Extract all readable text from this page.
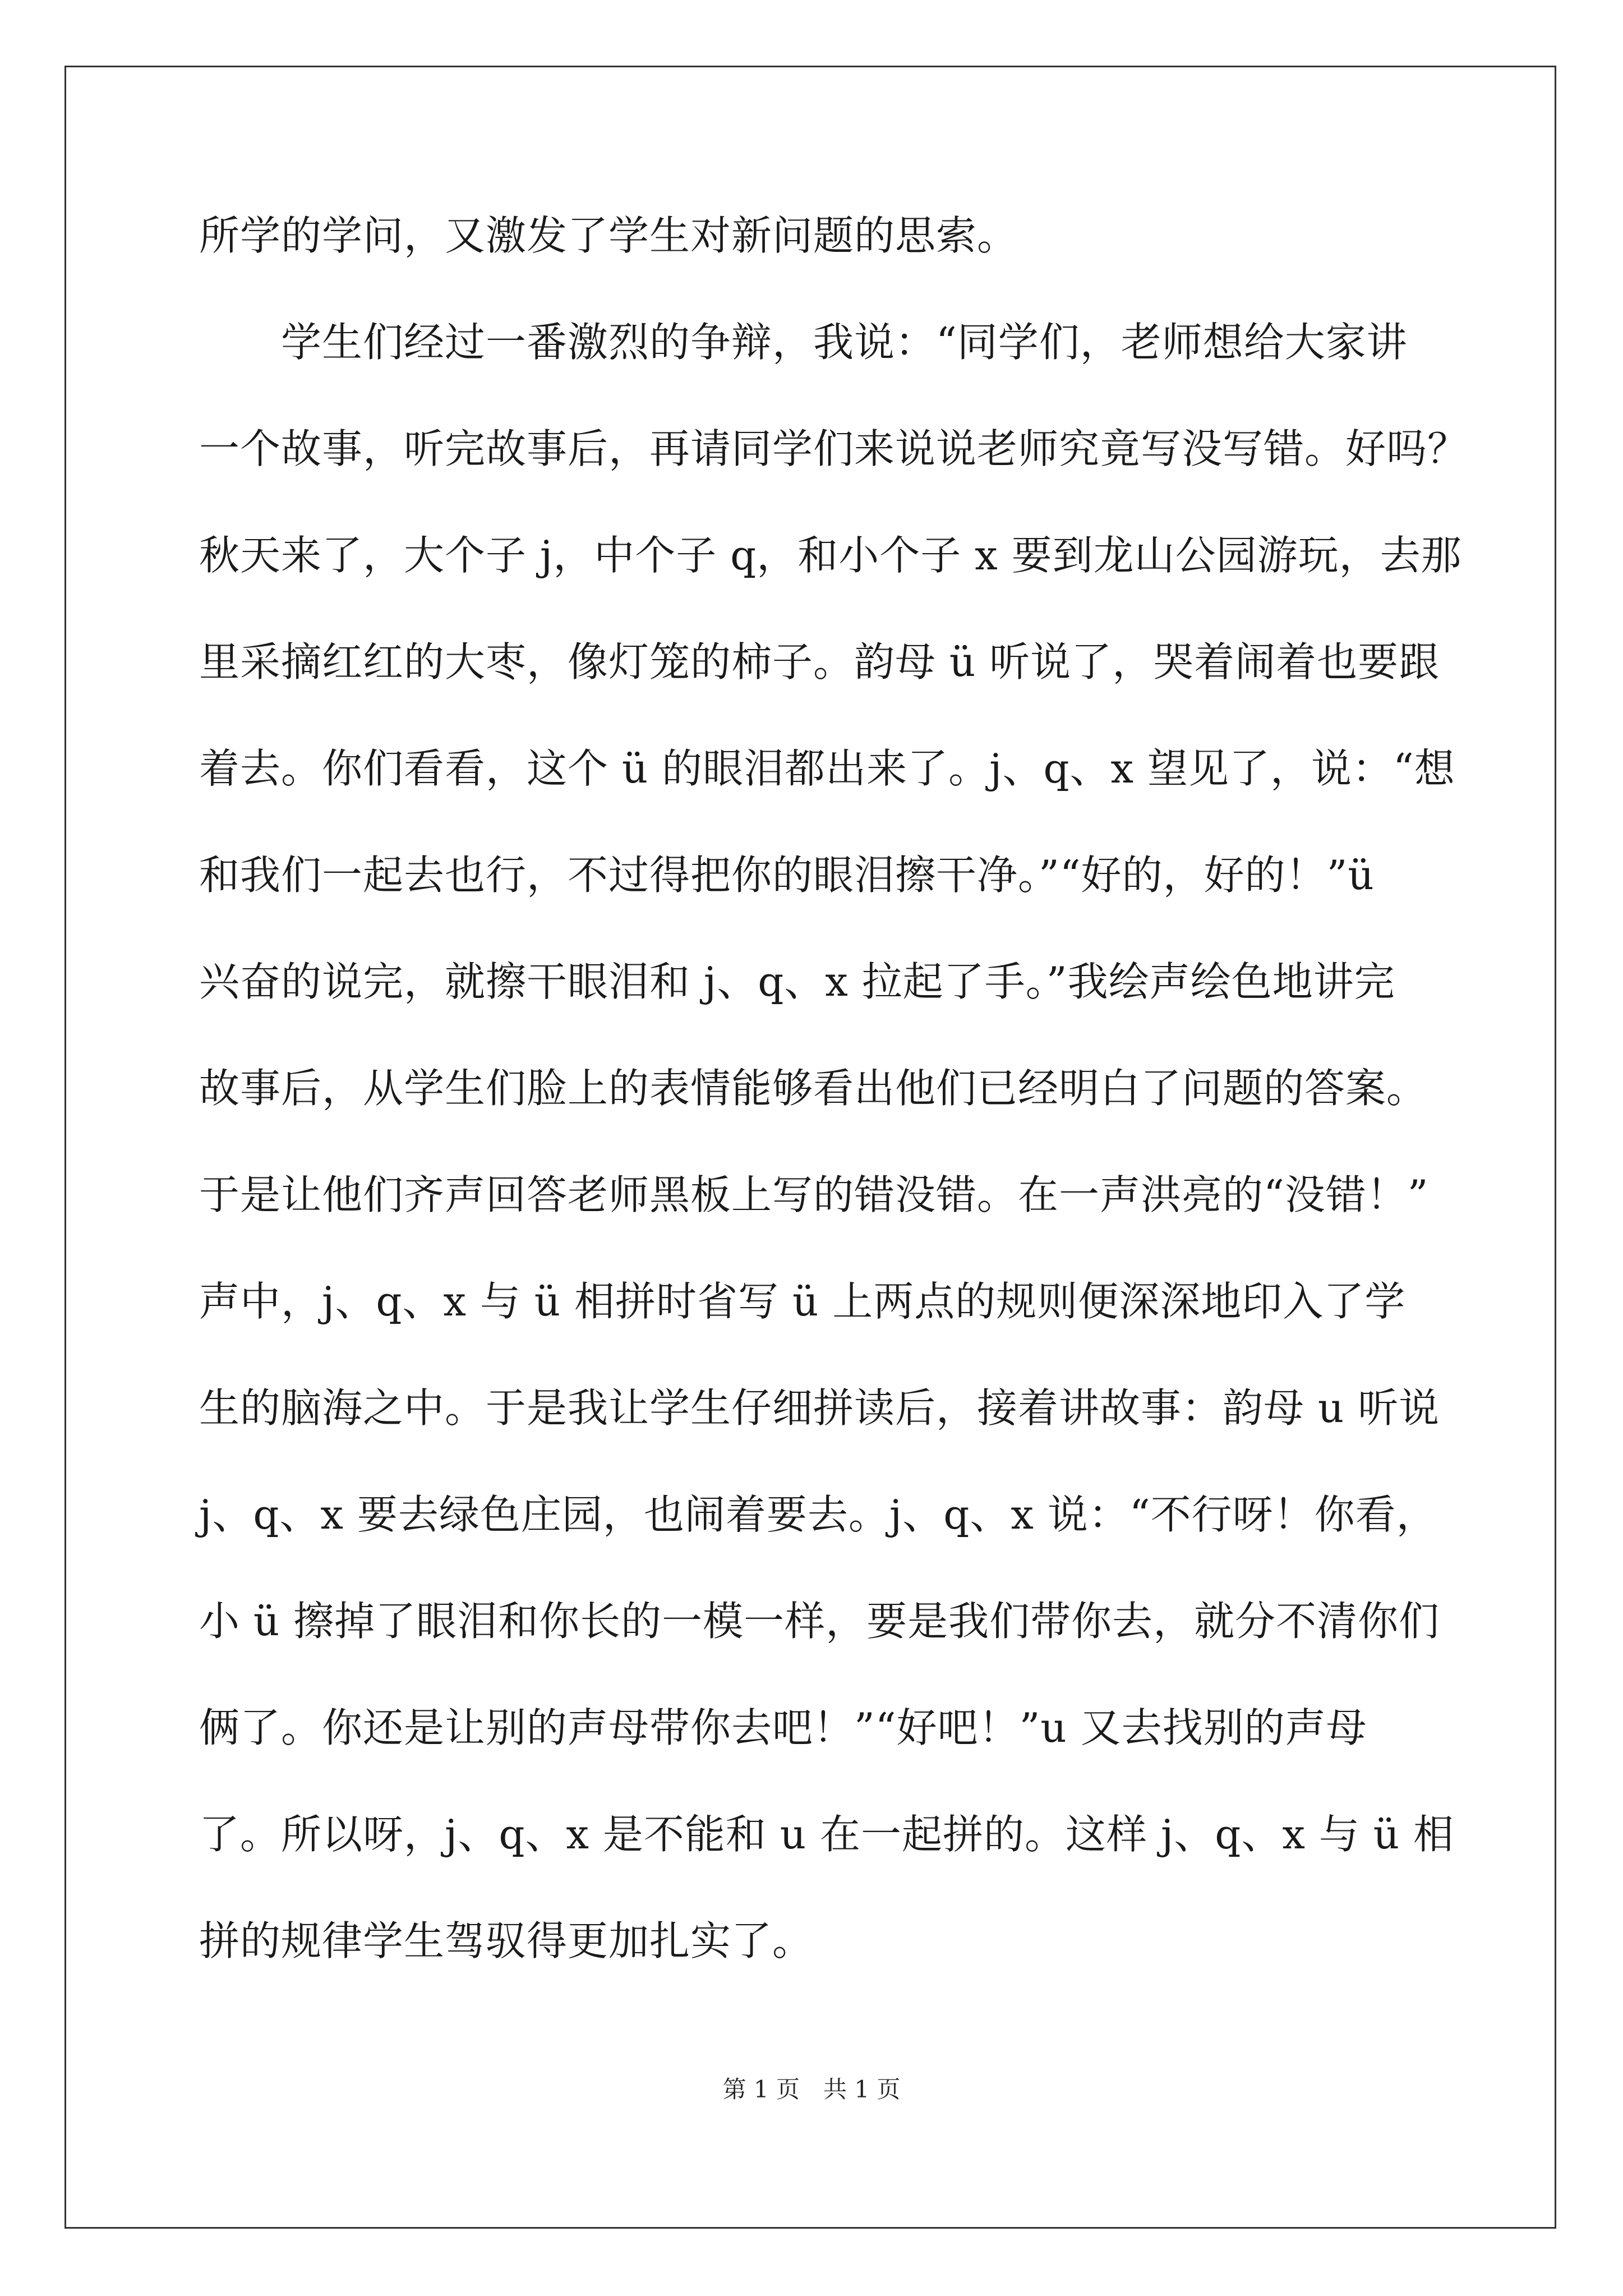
所学的学问，又激发了学生对新问题的思索。
　　学生们经过一番激烈的争辩，我说：“同学们，老师想给大家讲
一个故事，听完故事后，再请同学们来说说老师究竟写没写错。好吗？
秋天来了，大个子 j，中个子 q，和小个子 x 要到龙山公园游玩，去那
里采摘红红的大枣，像灯笼的柿子。韵母 ü 听说了，哭着闹着也要跟
着去。你们看看，这个 ü 的眼泪都出来了。j、q、x 望见了，说：“想
和我们一起去也行，不过得把你的眼泪擦干净。”“好的，好的！”ü
兴奋的说完，就擦干眼泪和 j、q、x 拉起了手。”我绘声绘色地讲完
故事后，从学生们脸上的表情能够看出他们已经明白了问题的答案。
于是让他们齐声回答老师黑板上写的错没错。在一声洪亮的“没错！”
声中，j、q、x 与 ü 相拼时省写 ü 上两点的规则便深深地印入了学
生的脑海之中。于是我让学生仔细拼读后，接着讲故事：韵母 u 听说
j、q、x 要去绿色庄园，也闹着要去。j、q、x 说：“不行呀！你看，
小 ü 擦掉了眼泪和你长的一模一样，要是我们带你去，就分不清你们
俩了。你还是让别的声母带你去吧！”“好吧！”u 又去找别的声母
了。所以呀，j、q、x 是不能和 u 在一起拼的。这样 j、q、x 与 ü 相
拼的规律学生驾驭得更加扎实了。
第 1 页 共 1 页
